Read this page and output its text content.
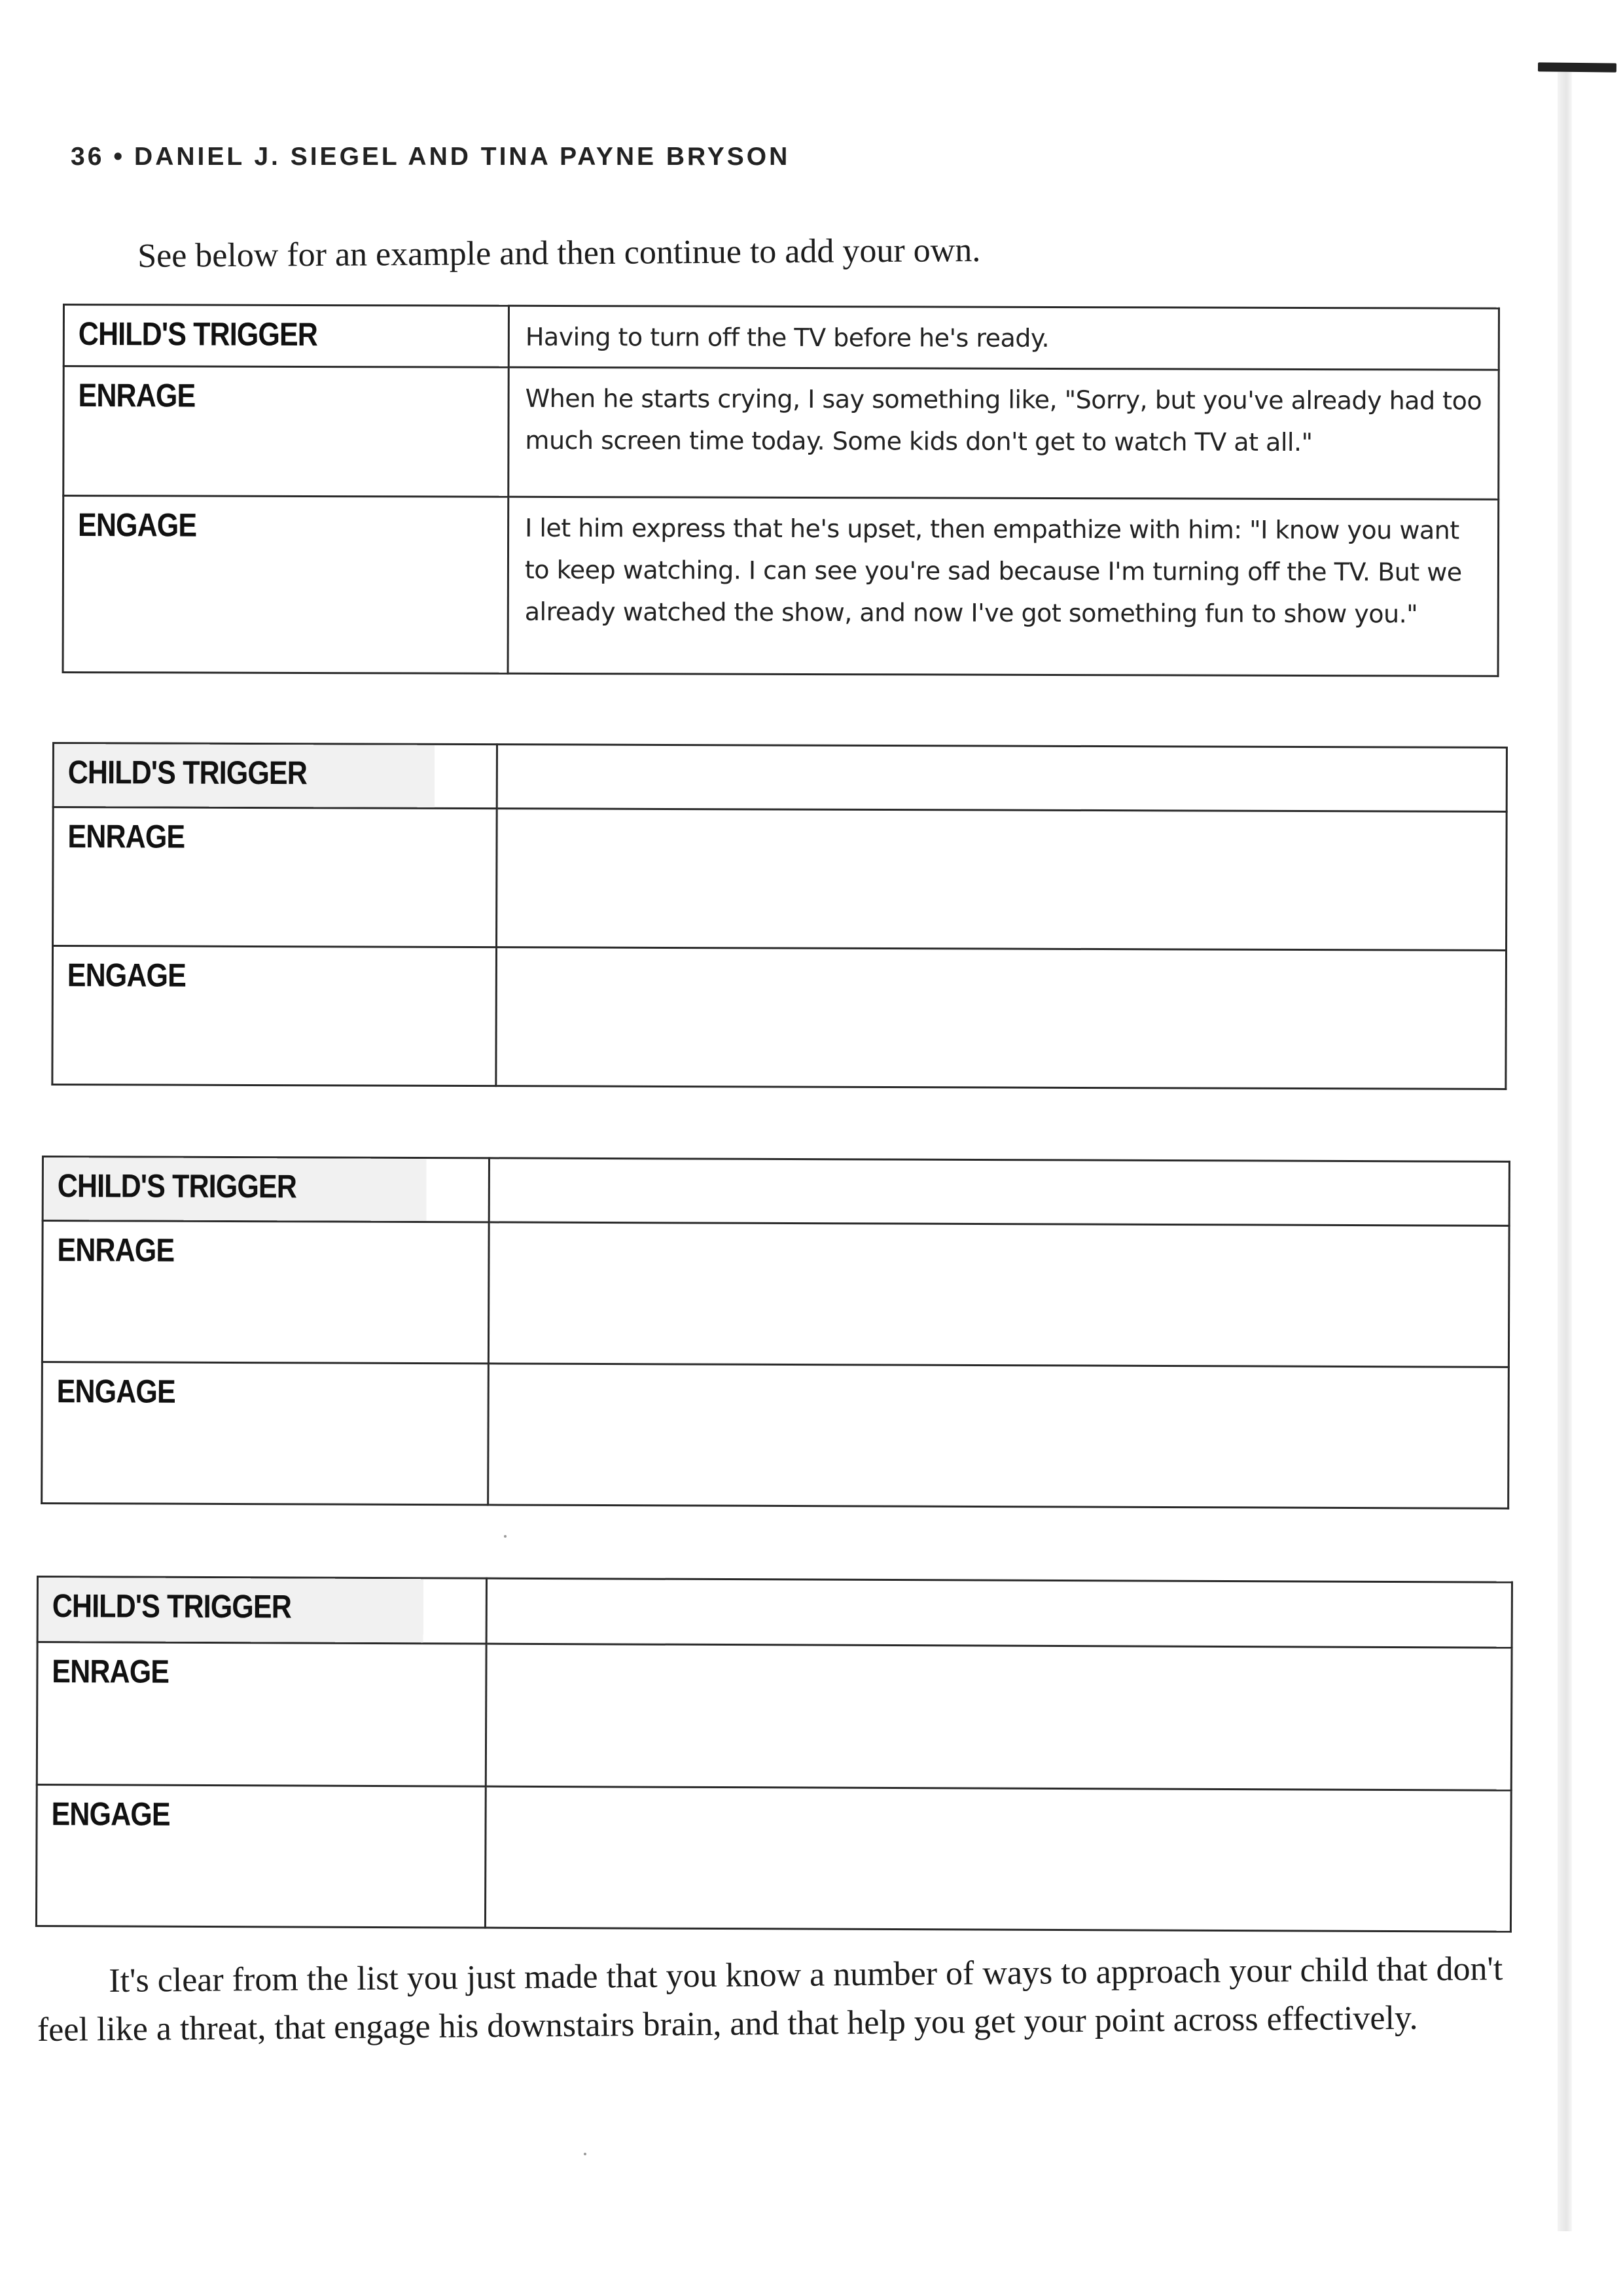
36 • DANIEL J. SIEGEL AND TINA PAYNE BRYSON
See below for an example and then continue to add your own.
CHILD'S TRIGGER	Having to turn off the TV before he's ready.
ENRAGE	When he starts crying, I say something like, "Sorry, but you've already had too much screen time today. Some kids don't get to watch TV at all."
ENGAGE	I let him express that he's upset, then empathize with him: "I know you want to keep watching. I can see you're sad because I'm turning off the TV. But we already watched the show, and now I've got something fun to show you."
CHILD'S TRIGGER	
ENRAGE	
ENGAGE	
CHILD'S TRIGGER	
ENRAGE	
ENGAGE	
CHILD'S TRIGGER	
ENRAGE	
ENGAGE	
It's clear from the list you just made that you know a number of ways to approach your child that don't feel like a threat, that engage his downstairs brain, and that help you get your point across effectively.
